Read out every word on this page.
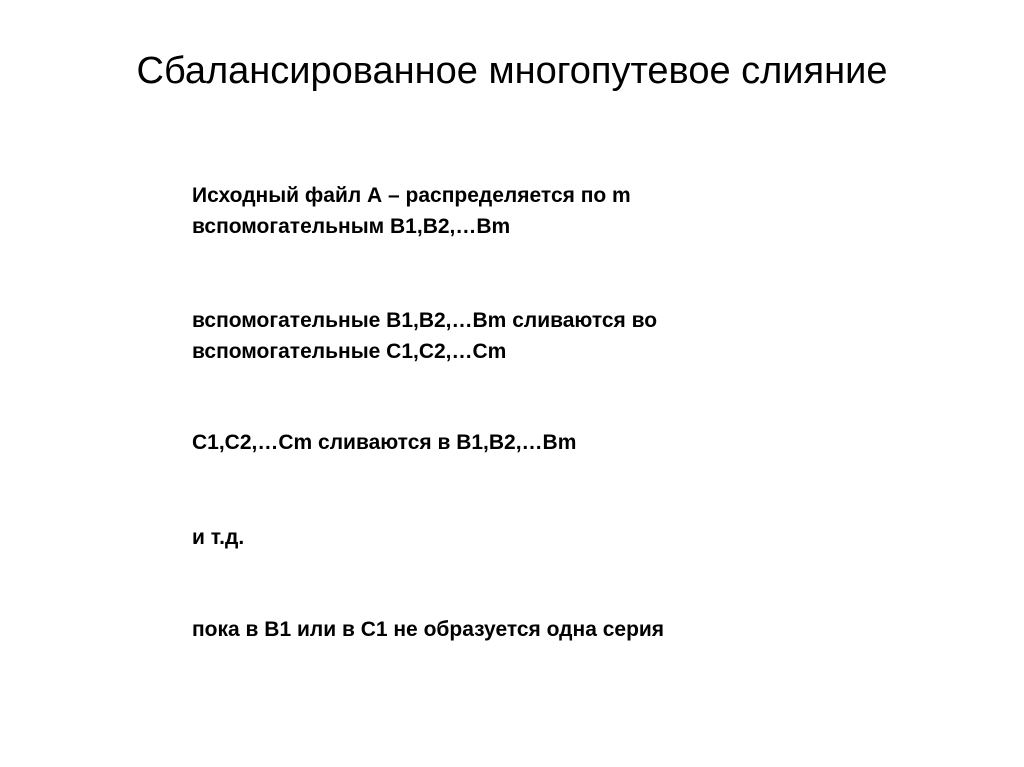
Сбалансированное многопутевое слияние

Исходный файл А – распределяется по m
вспомогательным В1,В2,…Вm

вспомогательные В1,В2,…Вm сливаются во
вспомогательные С1,С2,…Сm

С1,С2,…Сm сливаются в В1,В2,…Вm

и т.д.

пока в В1 или в С1 не образуется одна серия
